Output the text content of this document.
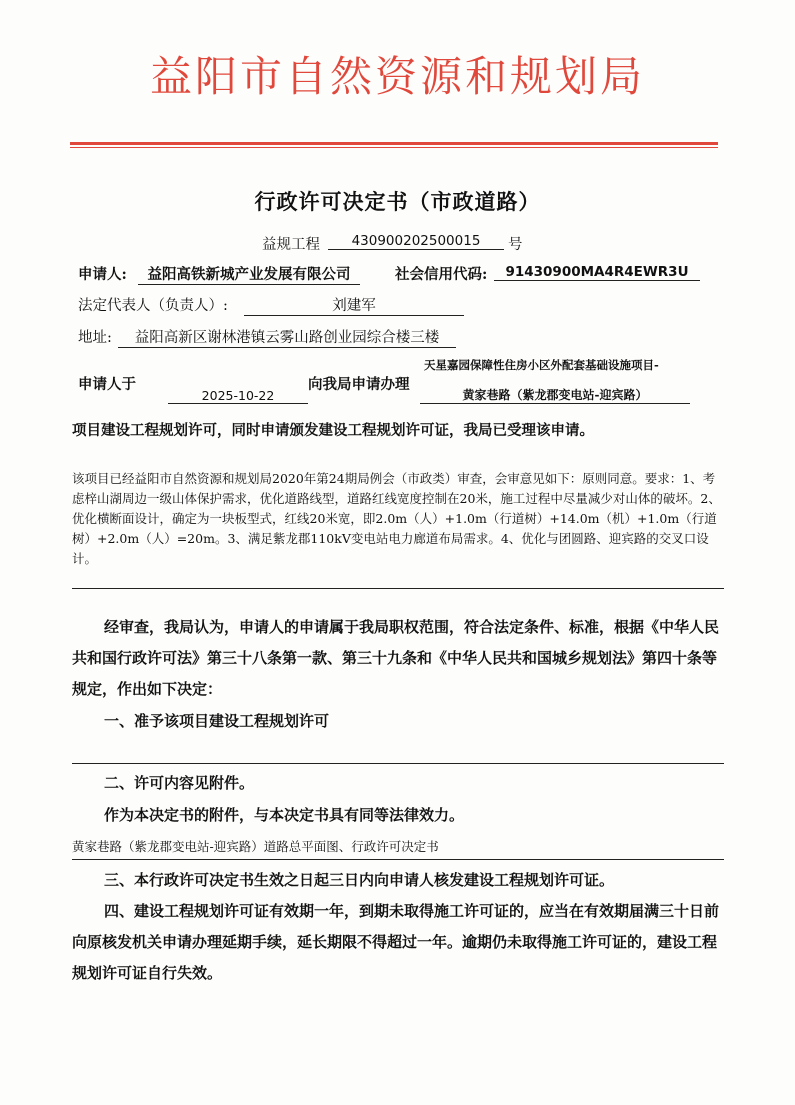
益阳市自然资源和规划局
行政许可决定书（市政道路）
益规工程	430900202500015	号
申请人:	益阳高铁新城产业发展有限公司	社会信用代码:	91430900MA4R4EWR3U
法定代表人（负责人）:	刘建军
地址:	益阳高新区谢林港镇云雾山路创业园综合楼三楼
申请人于
2025-10-22
向我局申请办理
天星嘉园保障性住房小区外配套基础设施项目-
黄家巷路（紫龙郡变电站-迎宾路）
项目建设工程规划许可，同时申请颁发建设工程规划许可证，我局已受理该申请。
该项目已经益阳市自然资源和规划局2020年第24期局例会（市政类）审查，会审意见如下：原则同意。要求：1、考虑梓山湖周边一级山体保护需求，优化道路线型，道路红线宽度控制在20米，施工过程中尽量减少对山体的破坏。2、优化横断面设计，确定为一块板型式，红线20米宽，即2.0m（人）+1.0m（行道树）+14.0m（机）+1.0m（行道树）+2.0m（人）=20m。3、满足紫龙郡110kV变电站电力廊道布局需求。4、优化与团圆路、迎宾路的交叉口设计。
经审查，我局认为，申请人的申请属于我局职权范围，符合法定条件、标准，根据《中华人民共和国行政许可法》第三十八条第一款、第三十九条和《中华人民共和国城乡规划法》第四十条等规定，作出如下决定：
一、准予该项目建设工程规划许可
二、许可内容见附件。
作为本决定书的附件，与本决定书具有同等法律效力。
黄家巷路（紫龙郡变电站-迎宾路）道路总平面图、行政许可决定书
三、本行政许可决定书生效之日起三日内向申请人核发建设工程规划许可证。
四、建设工程规划许可证有效期一年，到期未取得施工许可证的，应当在有效期届满三十日前向原核发机关申请办理延期手续，延长期限不得超过一年。逾期仍未取得施工许可证的，建设工程规划许可证自行失效。
